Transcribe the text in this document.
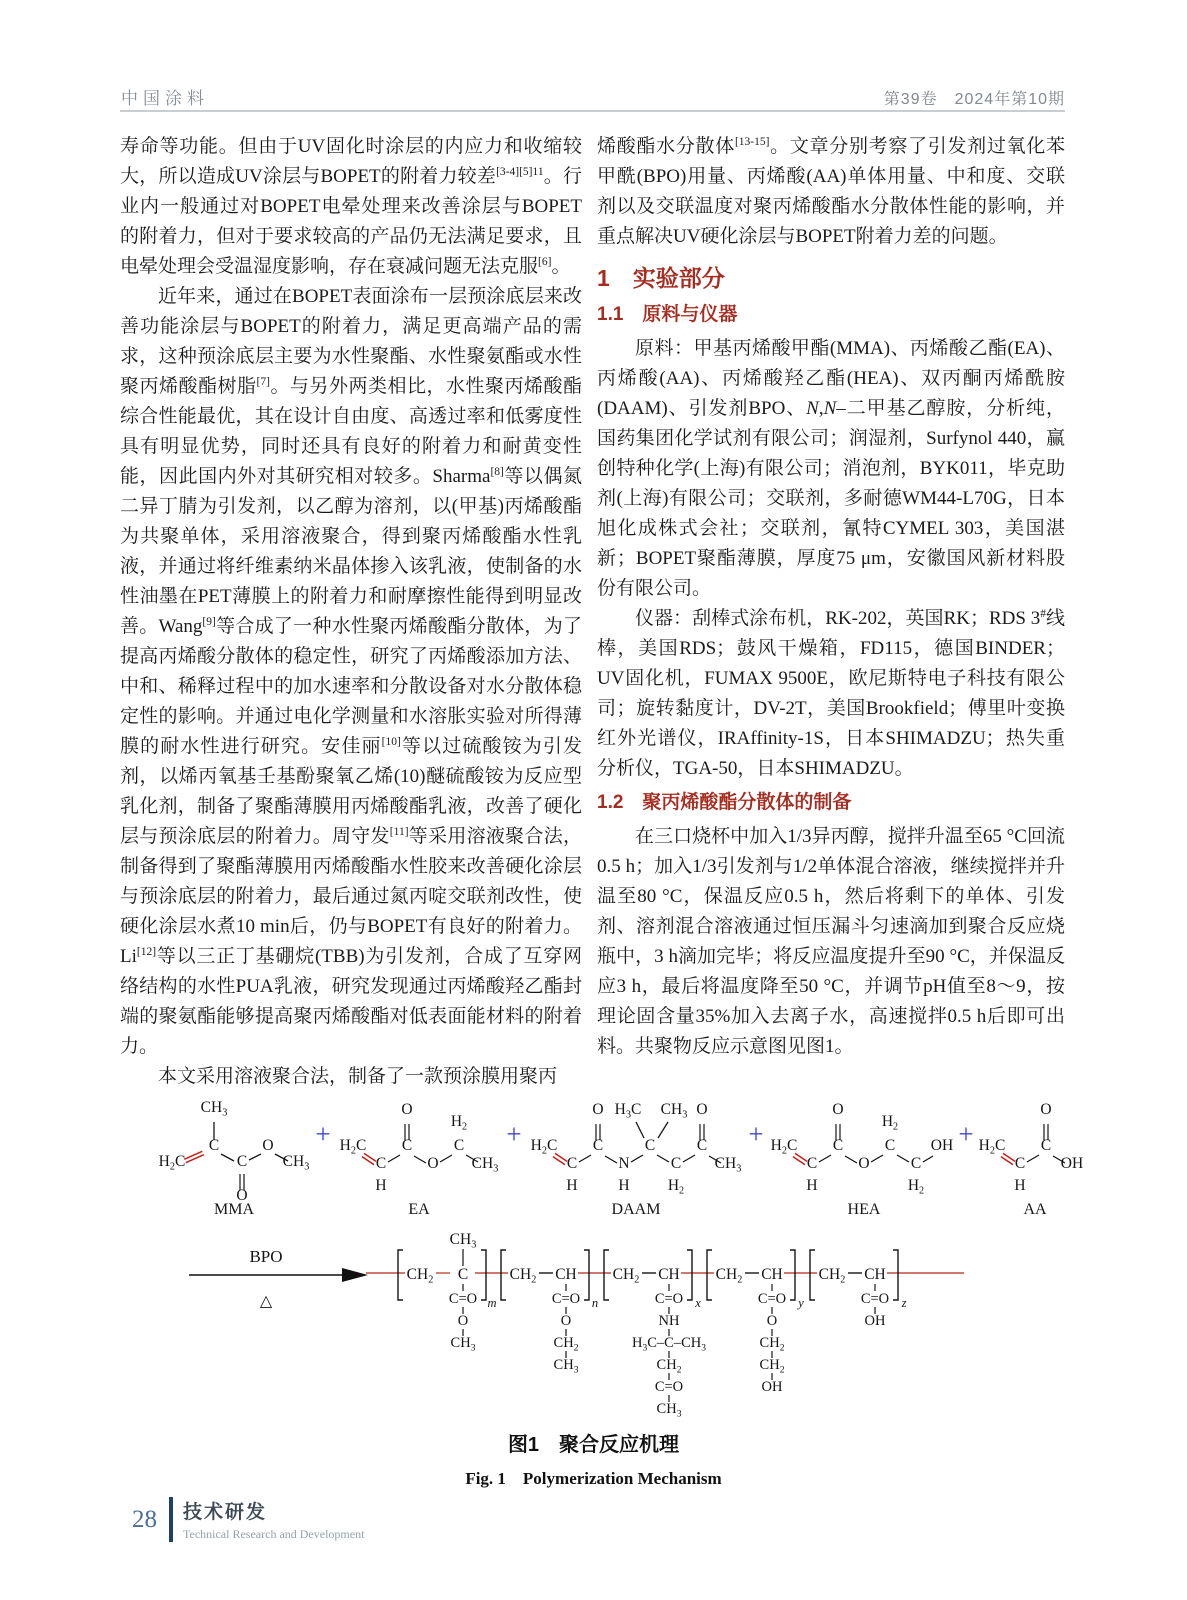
中国涂料	第39卷　2024年第10期

寿命等功能。但由于UV固化时涂层的内应力和收缩较大，所以造成UV涂层与BOPET的附着力较差$^{[3-4][5]11}$。行业内一般通过对BOPET电晕处理来改善涂层与BOPET的附着力，但对于要求较高的产品仍无法满足要求，且电晕处理会受温湿度影响，存在衰减问题无法克服[6]。

近年来，通过在BOPET表面涂布一层预涂底层来改善功能涂层与BOPET的附着力，满足更高端产品的需求，这种预涂底层主要为水性聚酯、水性聚氨酯或水性聚丙烯酸酯树脂[7]。与另外两类相比，水性聚丙烯酸酯综合性能最优，其在设计自由度、高透过率和低雾度性具有明显优势，同时还具有良好的附着力和耐黄变性能，因此国内外对其研究相对较多。Sharma[8]等以偶氮二异丁腈为引发剂，以乙醇为溶剂，以(甲基)丙烯酸酯为共聚单体，采用溶液聚合，得到聚丙烯酸酯水性乳液，并通过将纤维素纳米晶体掺入该乳液，使制备的水性油墨在PET薄膜上的附着力和耐摩擦性能得到明显改善。Wang[9]等合成了一种水性聚丙烯酸酯分散体，为了提高丙烯酸分散体的稳定性，研究了丙烯酸添加方法、中和、稀释过程中的加水速率和分散设备对水分散体稳定性的影响。并通过电化学测量和水溶胀实验对所得薄膜的耐水性进行研究。安佳丽[10]等以过硫酸铵为引发剂，以烯丙氧基壬基酚聚氧乙烯(10)醚硫酸铵为反应型乳化剂，制备了聚酯薄膜用丙烯酸酯乳液，改善了硬化层与预涂底层的附着力。周守发[11]等采用溶液聚合法，制备得到了聚酯薄膜用丙烯酸酯水性胶来改善硬化涂层与预涂底层的附着力，最后通过氮丙啶交联剂改性，使硬化涂层水煮10 min后，仍与BOPET有良好的附着力。Li[12]等以三正丁基硼烷(TBB)为引发剂，合成了互穿网络结构的水性PUA乳液，研究发现通过丙烯酸羟乙酯封端的聚氨酯能够提高聚丙烯酸酯对低表面能材料的附着力。

本文采用溶液聚合法，制备了一款预涂膜用聚丙

烯酸酯水分散体[13-15]。文章分别考察了引发剂过氧化苯甲酰(BPO)用量、丙烯酸(AA)单体用量、中和度、交联剂以及交联温度对聚丙烯酸酯水分散体性能的影响，并重点解决UV硬化涂层与BOPET附着力差的问题。

1　实验部分
1.1　原料与仪器

原料：甲基丙烯酸甲酯(MMA)、丙烯酸乙酯(EA)、丙烯酸(AA)、丙烯酸羟乙酯(HEA)、双丙酮丙烯酰胺(DAAM)、引发剂BPO、N,N–二甲基乙醇胺，分析纯，国药集团化学试剂有限公司；润湿剂，Surfynol 440，赢创特种化学(上海)有限公司；消泡剂，BYK011，毕克助剂(上海)有限公司；交联剂，多耐德WM44-L70G，日本旭化成株式会社；交联剂，氰特CYMEL 303，美国湛新；BOPET聚酯薄膜，厚度75 μm，安徽国风新材料股份有限公司。

仪器：刮棒式涂布机，RK-202，英国RK；RDS 3#线棒，美国RDS；鼓风干燥箱，FD115，德国BINDER；UV固化机，FUMAX 9500E，欧尼斯特电子科技有限公司；旋转黏度计，DV-2T，美国Brookfield；傅里叶变换红外光谱仪，IRAffinity-1S，日本SHIMADZU；热失重分析仪，TGA-50，日本SHIMADZU。

1.2　聚丙烯酸酯分散体的制备

在三口烧杯中加入1/3异丙醇，搅拌升温至65 °C回流0.5 h；加入1/3引发剂与1/2单体混合溶液，继续搅拌并升温至80 °C，保温反应0.5 h，然后将剩下的单体、引发剂、溶剂混合溶液通过恒压漏斗匀速滴加到聚合反应烧瓶中，3 h滴加完毕；将反应温度提升至90 °C，并保温反应3 h，最后将温度降至50 °C，并调节pH值至8～9，按理论固含量35%加入去离子水，高速搅拌0.5 h后即可出料。共聚物反应示意图见图1。

$H_2C$
$CH_3$
C
C
O
O
$CH_3$
MMA
$H_2C$
C
H
O
C
O
$H_2$
C
$CH_3$
EA
$H_2C$
C
H
O
C
N
H
$H_3C$ $CH_3$
C
C
$H_2$
O
C
$CH_3$
DAAM
$H_2C$
C
H
O
C
O
$H_2$
C
C
$H_2$
OH
HEA
$H_2C$
C
H
O
C
OH
AA
+	+	+	+
BPO
△
$CH_2$ C
m
$CH_3$
C=O
O
$CH_3$
$CH_2$ CH
n
C=O
O
$CH_2$
$CH_3$
$CH_2$ CH
x
C=O
NH
$H_3C-C-CH_3$
$CH_2$
C=O
$CH_3$
$CH_2$ CH
y
C=O
O
$CH_2$
$CH_2$
OH
$CH_2$ CH
z
C=O
OH
图1　聚合反应机理
Fig. 1　Polymerization Mechanism
28 技术研发
Technical Research and Development
